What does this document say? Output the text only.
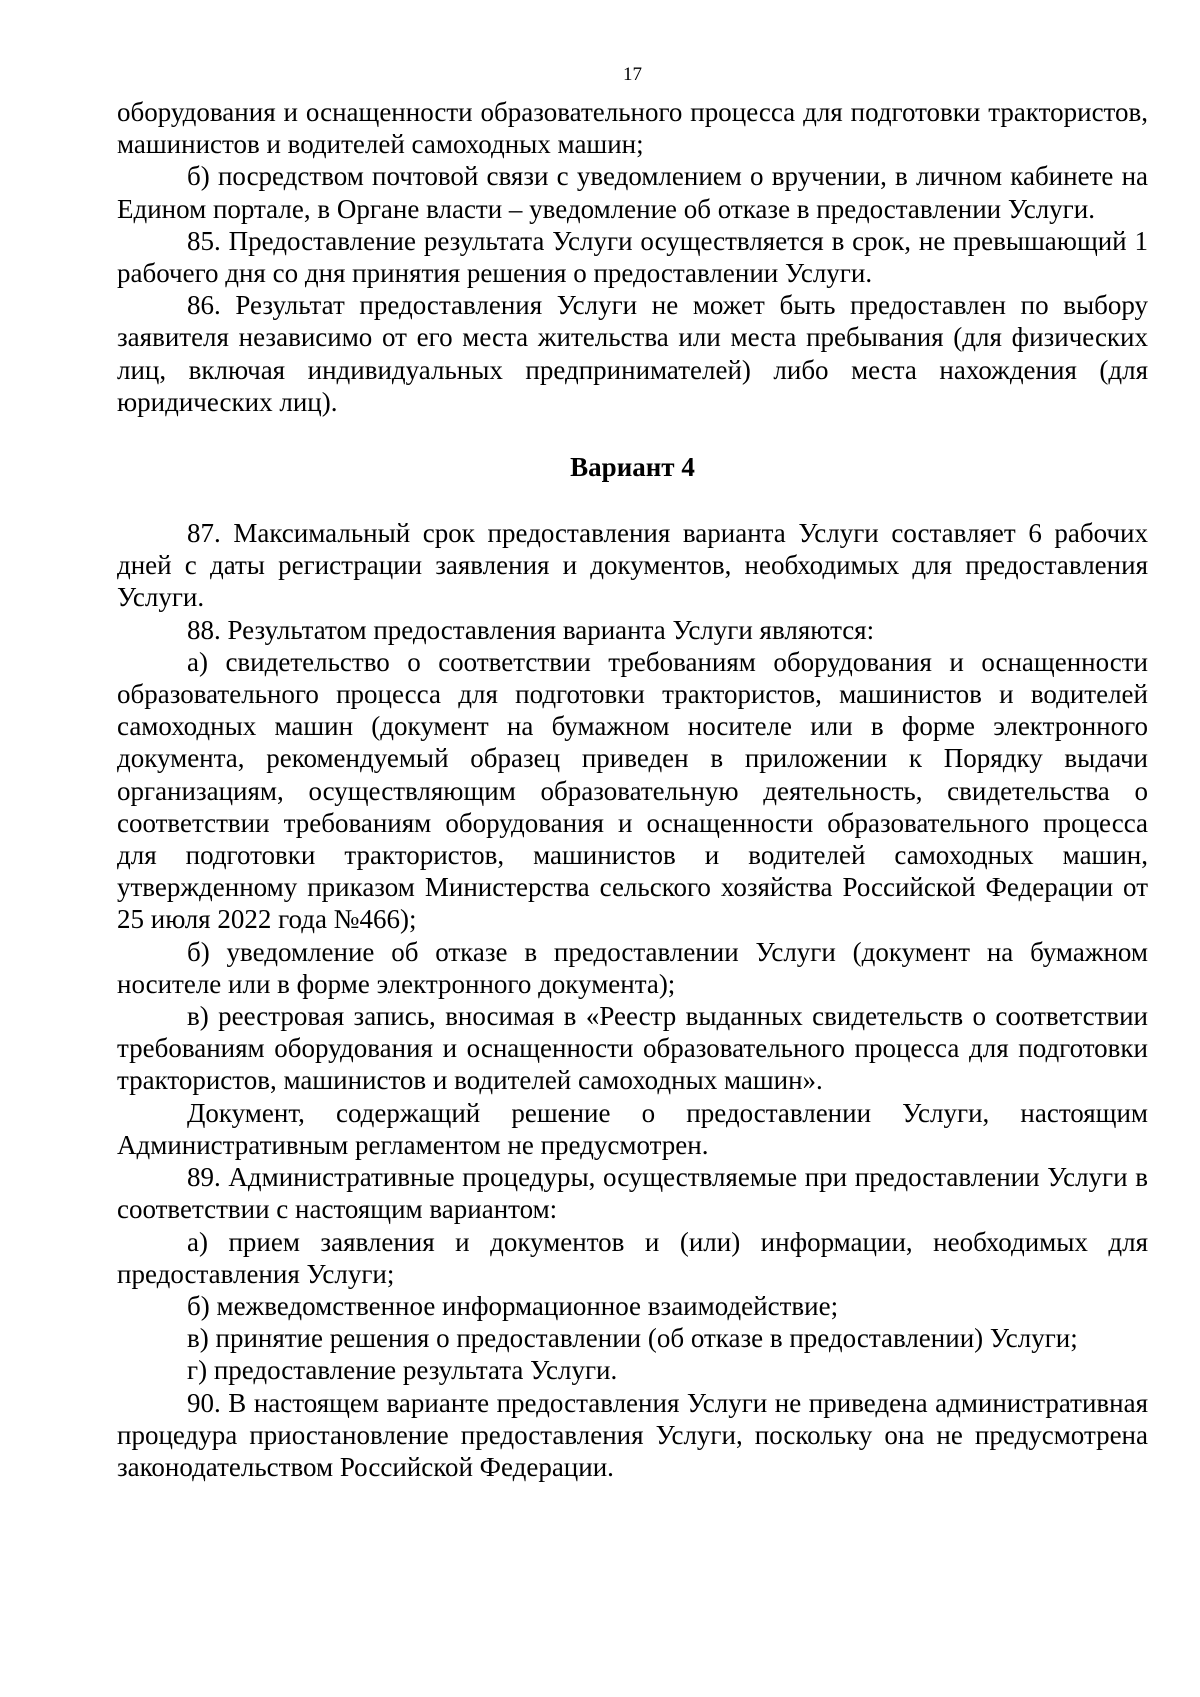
17

оборудования и оснащенности образовательного процесса для подготовки трактористов, машинистов и водителей самоходных машин;

б) посредством почтовой связи с уведомлением о вручении, в личном кабинете на Едином портале, в Органе власти – уведомление об отказе в предоставлении Услуги.

85. Предоставление результата Услуги осуществляется в срок, не превышающий 1 рабочего дня со дня принятия решения о предоставлении Услуги.

86. Результат предоставления Услуги не может быть предоставлен по выбору заявителя независимо от его места жительства или места пребывания (для физических лиц, включая индивидуальных предпринимателей) либо места нахождения (для юридических лиц).

Вариант 4

87. Максимальный срок предоставления варианта Услуги составляет 6 рабочих дней с даты регистрации заявления и документов, необходимых для предоставления Услуги.

88. Результатом предоставления варианта Услуги являются:

а) свидетельство о соответствии требованиям оборудования и оснащенности образовательного процесса для подготовки трактористов, машинистов и водителей самоходных машин (документ на бумажном носителе или в форме электронного документа, рекомендуемый образец приведен в приложении к Порядку выдачи организациям, осуществляющим образовательную деятельность, свидетельства о соответствии требованиям оборудования и оснащенности образовательного процесса для подготовки трактористов, машинистов и водителей самоходных машин, утвержденному приказом Министерства сельского хозяйства Российской Федерации от 25 июля 2022 года №466);

б) уведомление об отказе в предоставлении Услуги (документ на бумажном носителе или в форме электронного документа);

в) реестровая запись, вносимая в «Реестр выданных свидетельств о соответствии требованиям оборудования и оснащенности образовательного процесса для подготовки трактористов, машинистов и водителей самоходных машин».

Документ, содержащий решение о предоставлении Услуги, настоящим Административным регламентом не предусмотрен.

89. Административные процедуры, осуществляемые при предоставлении Услуги в соответствии с настоящим вариантом:

а) прием заявления и документов и (или) информации, необходимых для предоставления Услуги;

б) межведомственное информационное взаимодействие;

в) принятие решения о предоставлении (об отказе в предоставлении) Услуги;

г) предоставление результата Услуги.

90. В настоящем варианте предоставления Услуги не приведена административная процедура приостановление предоставления Услуги, поскольку она не предусмотрена законодательством Российской Федерации.
